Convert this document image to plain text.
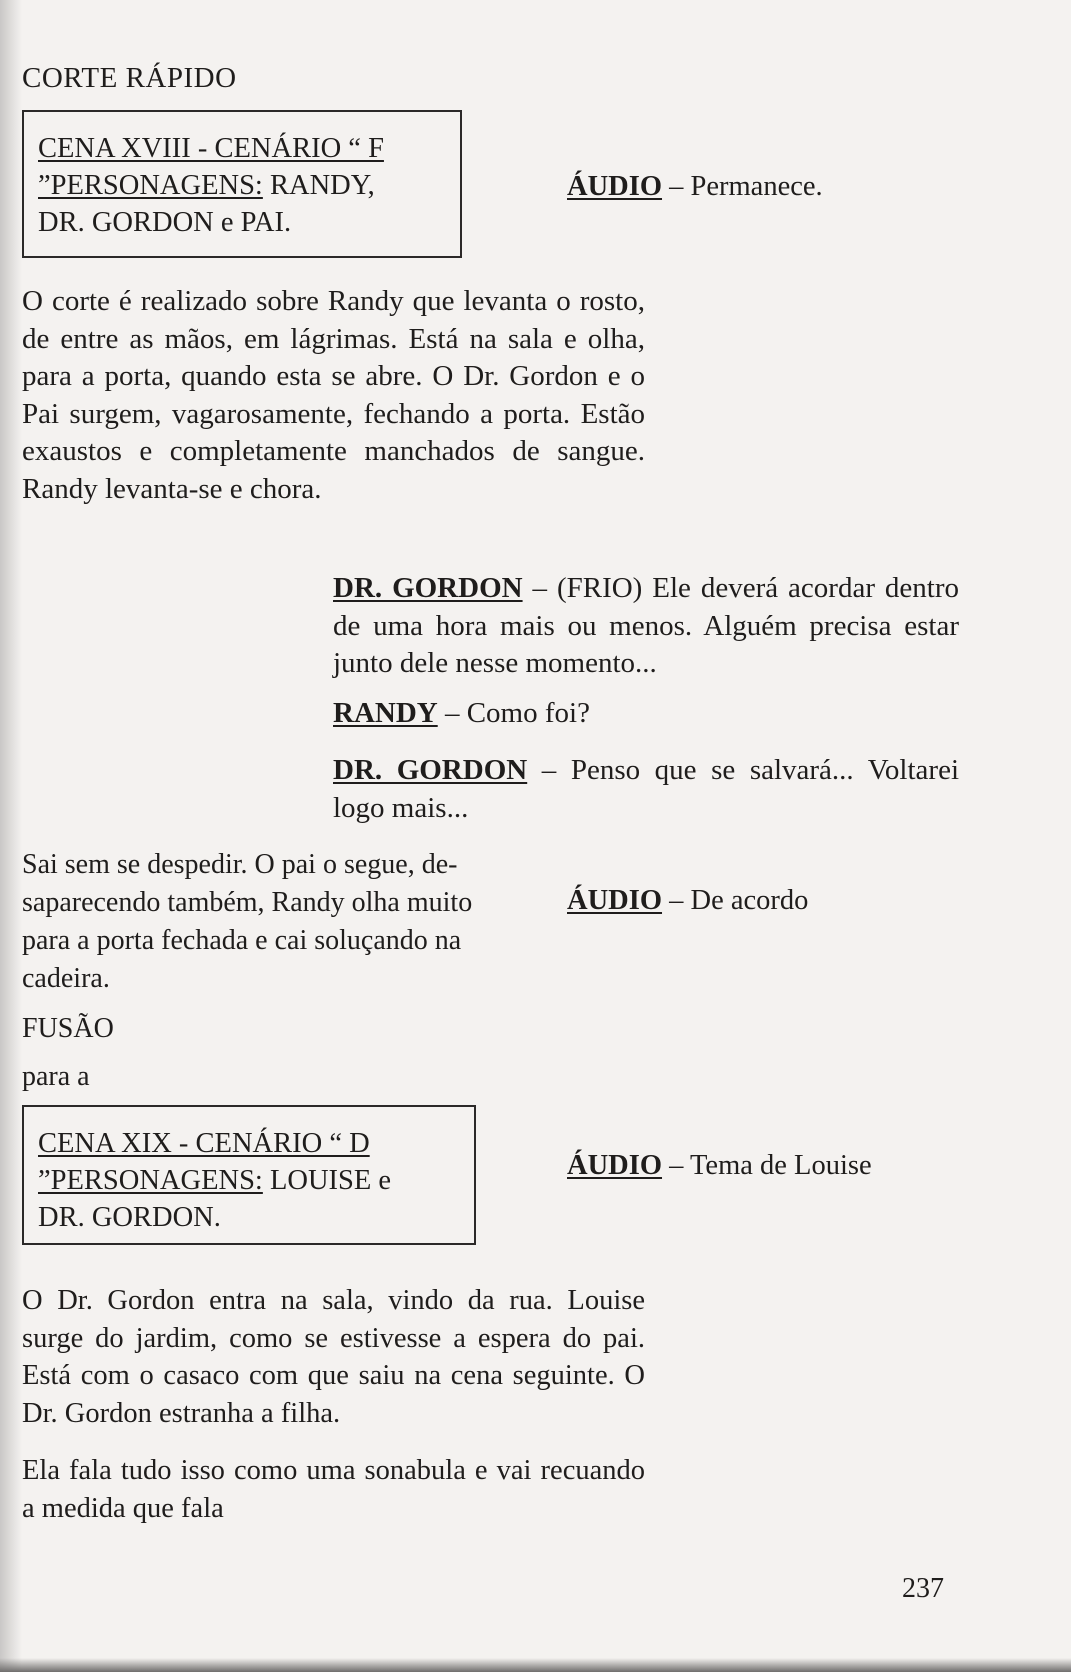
CORTE RÁPIDO
CENA XVIII - CENÁRIO “ F
”PERSONAGENS: RANDY,
DR. GORDON e PAI.
ÁUDIO – Permanece.
O corte é realizado sobre Randy que levanta o rosto, de entre as mãos, em lágrimas. Está na sala e olha, para a porta, quando esta se abre. O Dr. Gordon e o Pai surgem, vagarosamente, fechando a porta. Estão exaustos e completamente manchados de sangue. Randy levanta-se e chora.
DR. GORDON – (FRIO) Ele deverá acordar dentro de uma hora mais ou menos. Alguém precisa estar junto dele nesse momento...
RANDY – Como foi?
DR. GORDON – Penso que se salvará... Voltarei logo mais...
Sai sem se despedir. O pai o segue, de-
saparecendo também, Randy olha muito
para a porta fechada e cai soluçando na
cadeira.
ÁUDIO – De acordo
FUSÃO
para a
CENA XIX - CENÁRIO “ D
”PERSONAGENS: LOUISE e
DR. GORDON.
ÁUDIO – Tema de Louise
O Dr. Gordon entra na sala, vindo da rua. Louise surge do jardim, como se estivesse a espera do pai. Está com o casaco com que saiu na cena seguinte. O Dr. Gordon estranha a filha.
Ela fala tudo isso como uma sonabula e vai recuando a medida que fala
237
